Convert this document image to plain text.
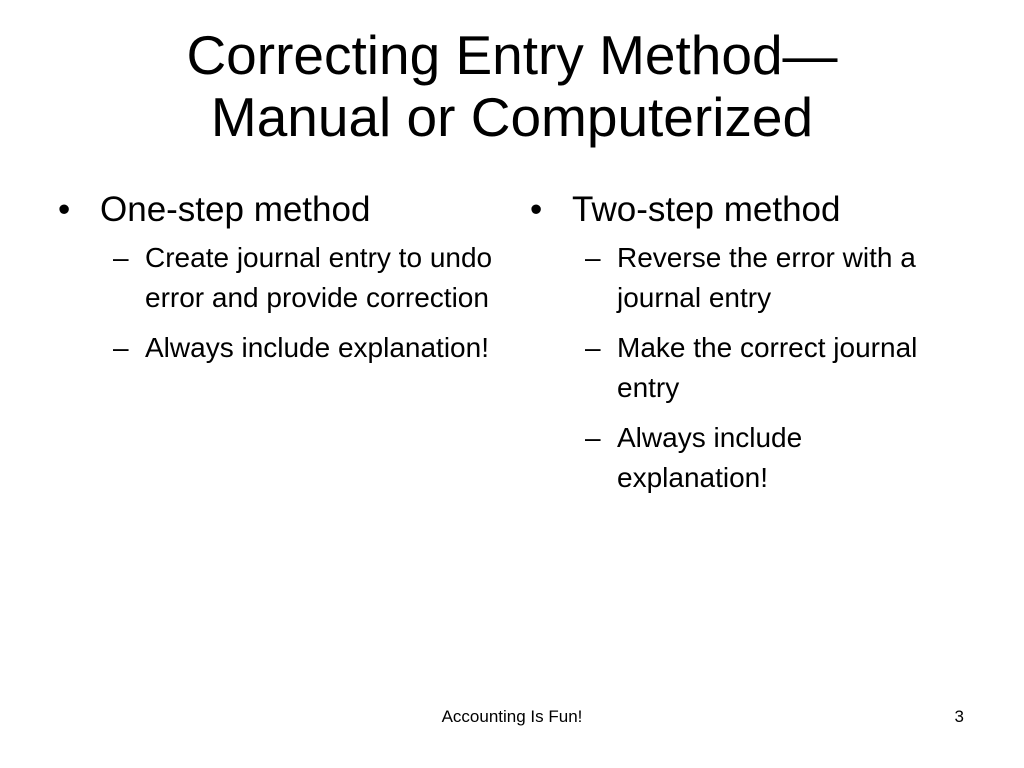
Correcting Entry Method—
Manual or Computerized
• One-step method
– Create journal entry to undo error and provide correction
– Always include explanation!
• Two-step method
– Reverse the error with a journal entry
– Make the correct journal entry
– Always include explanation!
Accounting Is Fun!	3
